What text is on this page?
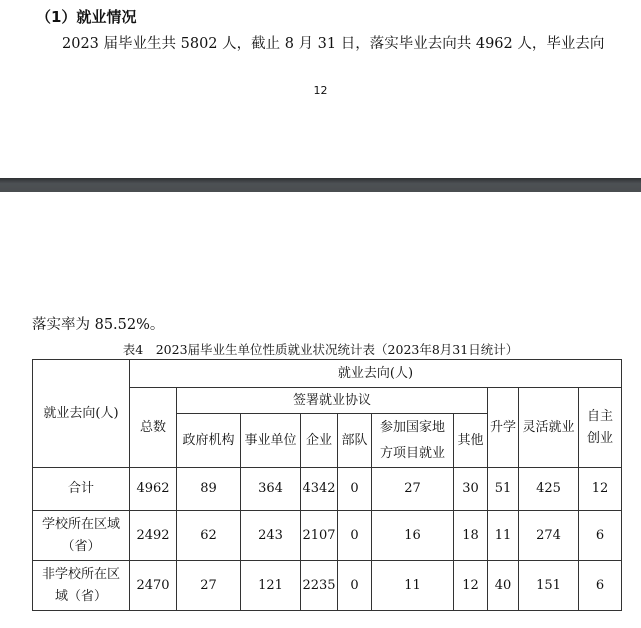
（1）就业情况
2023 届毕业生共 5802 人，截止 8 月 31 日，落实毕业去向共 4962 人，毕业去向
12
落实率为 85.52%。
表4　2023届毕业生单位性质就业状况统计表（2023年8月31日统计）
就业去向(人)	就业去向(人)									
	总数	签署就业协议						升学	灵活就业	自主创业
		政府机构	事业单位	企业	部队	参加国家地方项目就业	其他			
合计	4962	89	364	4342	0	27	30	51	425	12
学校所在区域（省）	2492	62	243	2107	0	16	18	11	274	6
非学校所在区域（省）	2470	27	121	2235	0	11	12	40	151	6
